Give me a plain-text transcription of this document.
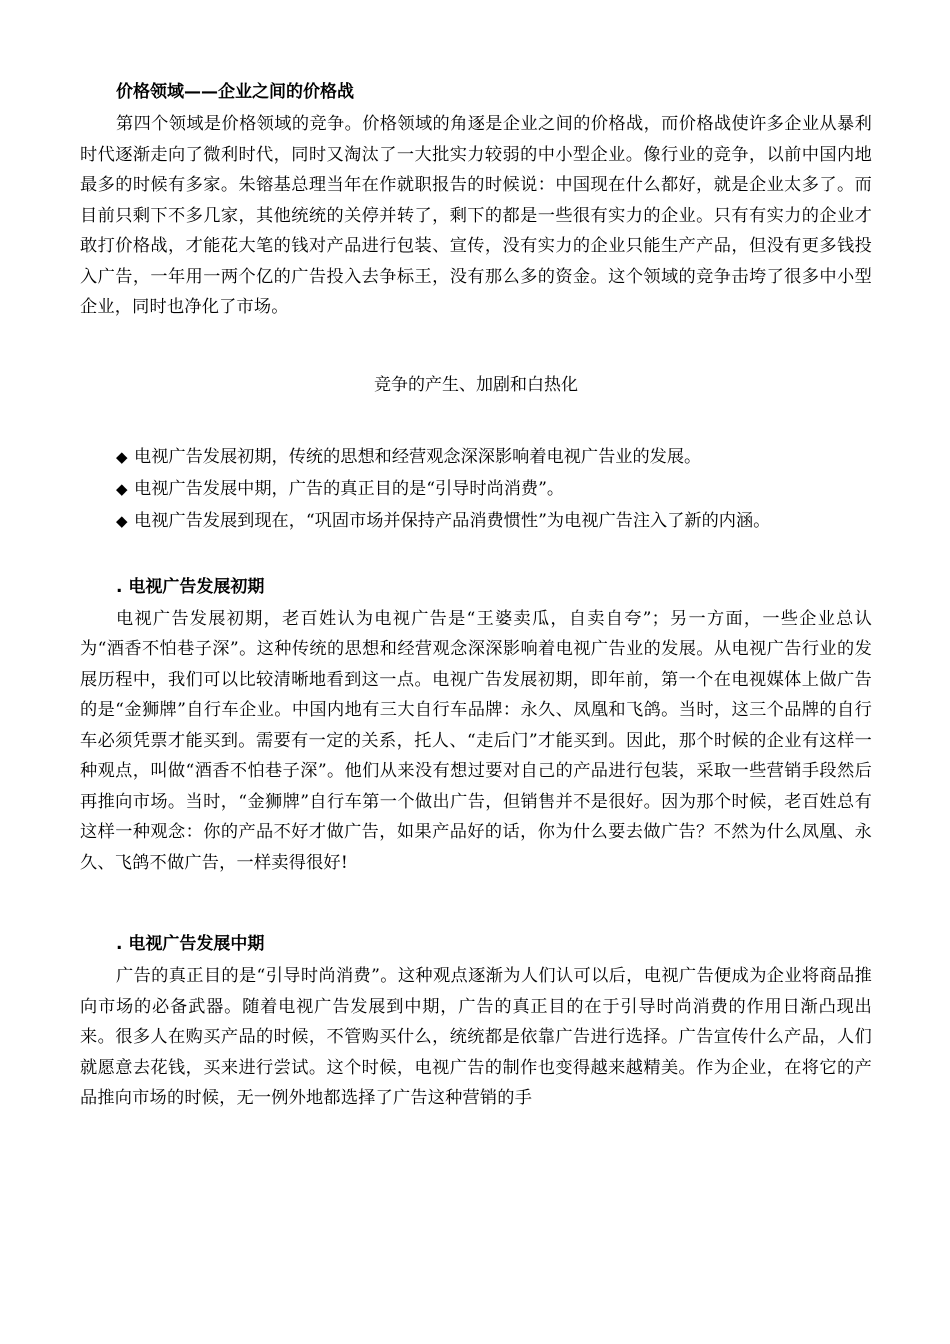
价格领域——企业之间的价格战

第四个领域是价格领域的竞争。价格领域的角逐是企业之间的价格战，而价格战使许多企业从暴利时代逐渐走向了微利时代，同时又淘汰了一大批实力较弱的中小型企业。像行业的竞争，以前中国内地最多的时候有多家。朱镕基总理当年在作就职报告的时候说：中国现在什么都好，就是企业太多了。而目前只剩下不多几家，其他统统的关停并转了，剩下的都是一些很有实力的企业。只有有实力的企业才敢打价格战，才能花大笔的钱对产品进行包装、宣传，没有实力的企业只能生产产品，但没有更多钱投入广告，一年用一两个亿的广告投入去争标王，没有那么多的资金。这个领域的竞争击垮了很多中小型企业，同时也净化了市场。

竞争的产生、加剧和白热化

◆ 电视广告发展初期，传统的思想和经营观念深深影响着电视广告业的发展。
◆ 电视广告发展中期，广告的真正目的是“引导时尚消费”。
◆ 电视广告发展到现在，“巩固市场并保持产品消费惯性”为电视广告注入了新的内涵。
. 电视广告发展初期

电视广告发展初期，老百姓认为电视广告是“王婆卖瓜，自卖自夸”；另一方面，一些企业总认为“酒香不怕巷子深”。这种传统的思想和经营观念深深影响着电视广告业的发展。从电视广告行业的发展历程中，我们可以比较清晰地看到这一点。电视广告发展初期，即年前，第一个在电视媒体上做广告的是“金狮牌”自行车企业。中国内地有三大自行车品牌：永久、凤凰和飞鸽。当时，这三个品牌的自行车必须凭票才能买到。需要有一定的关系，托人、“走后门”才能买到。因此，那个时候的企业有这样一种观点，叫做“酒香不怕巷子深”。他们从来没有想过要对自己的产品进行包装，采取一些营销手段然后再推向市场。当时，“金狮牌”自行车第一个做出广告，但销售并不是很好。因为那个时候，老百姓总有这样一种观念：你的产品不好才做广告，如果产品好的话，你为什么要去做广告？不然为什么凤凰、永久、飞鸽不做广告，一样卖得很好!

. 电视广告发展中期

广告的真正目的是“引导时尚消费”。这种观点逐渐为人们认可以后，电视广告便成为企业将商品推向市场的必备武器。随着电视广告发展到中期，广告的真正目的在于引导时尚消费的作用日渐凸现出来。很多人在购买产品的时候，不管购买什么，统统都是依靠广告进行选择。广告宣传什么产品，人们就愿意去花钱，买来进行尝试。这个时候，电视广告的制作也变得越来越精美。作为企业，在将它的产品推向市场的时候，无一例外地都选择了广告这种营销的手
